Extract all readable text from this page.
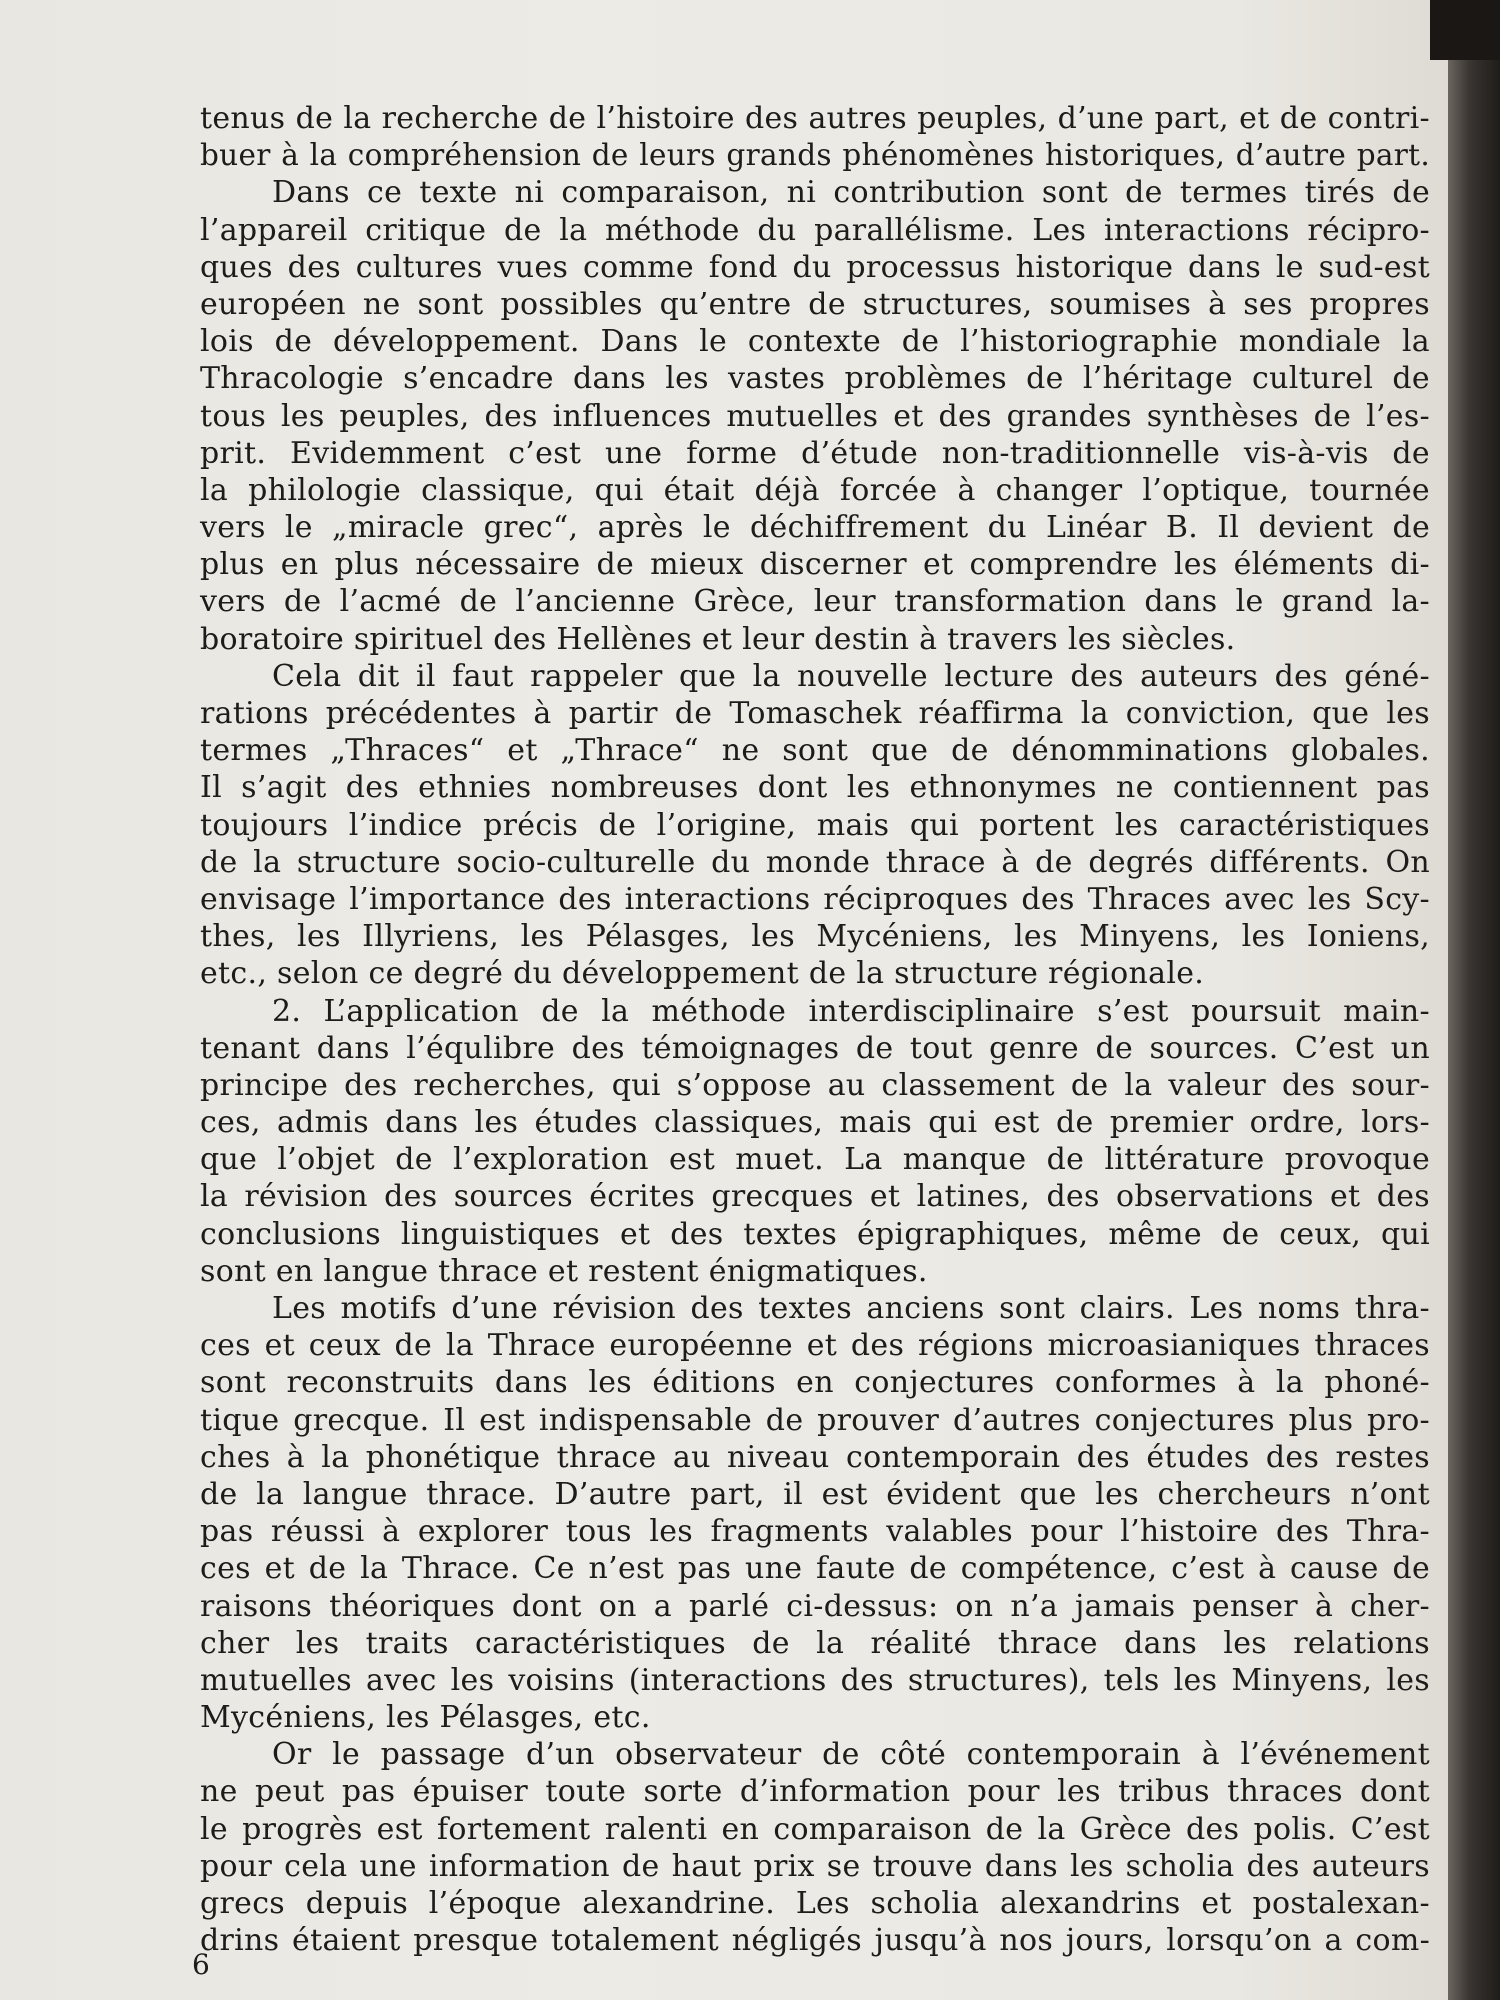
tenus de la recherche de l’histoire des autres peuples, d’une part, et de contri-
buer à la compréhension de leurs grands phénomènes historiques, d’autre part.
Dans ce texte ni comparaison, ni contribution sont de termes tirés de
l’appareil critique de la méthode du parallélisme. Les interactions récipro-
ques des cultures vues comme fond du processus historique dans le sud-est
européen ne sont possibles qu’entre de structures, soumises à ses propres
lois de développement. Dans le contexte de l’historiographie mondiale la
Thracologie s’encadre dans les vastes problèmes de l’héritage culturel de
tous les peuples, des influences mutuelles et des grandes synthèses de l’es-
prit. Evidemment c’est une forme d’étude non-traditionnelle vis-à-vis de
la philologie classique, qui était déjà forcée à changer l’optique, tournée
vers le „miracle grec“, après le déchiffrement du Linéar B. Il devient de
plus en plus nécessaire de mieux discerner et comprendre les éléments di-
vers de l’acmé de l’ancienne Grèce, leur transformation dans le grand la-
boratoire spirituel des Hellènes et leur destin à travers les siècles.
Cela dit il faut rappeler que la nouvelle lecture des auteurs des géné-
rations précédentes à partir de Tomaschek réaffirma la conviction, que les
termes „Thraces“ et „Thrace“ ne sont que de dénomminations globales.
Il s’agit des ethnies nombreuses dont les ethnonymes ne contiennent pas
toujours l’indice précis de l’origine, mais qui portent les caractéristiques
de la structure socio-culturelle du monde thrace à de degrés différents. On
envisage l’importance des interactions réciproques des Thraces avec les Scy-
thes, les Illyriens, les Pélasges, les Mycéniens, les Minyens, les Ioniens,
etc., selon ce degré du développement de la structure régionale.
2. L’application de la méthode interdisciplinaire s’est poursuit main-
tenant dans l’équlibre des témoignages de tout genre de sources. C’est un
principe des recherches, qui s’oppose au classement de la valeur des sour-
ces, admis dans les études classiques, mais qui est de premier ordre, lors-
que l’objet de l’exploration est muet. La manque de littérature provoque
la révision des sources écrites grecques et latines, des observations et des
conclusions linguistiques et des textes épigraphiques, même de ceux, qui
sont en langue thrace et restent énigmatiques.
Les motifs d’une révision des textes anciens sont clairs. Les noms thra-
ces et ceux de la Thrace européenne et des régions microasianiques thraces
sont reconstruits dans les éditions en conjectures conformes à la phoné-
tique grecque. Il est indispensable de prouver d’autres conjectures plus pro-
ches à la phonétique thrace au niveau contemporain des études des restes
de la langue thrace. D’autre part, il est évident que les chercheurs n’ont
pas réussi à explorer tous les fragments valables pour l’histoire des Thra-
ces et de la Thrace. Ce n’est pas une faute de compétence, c’est à cause de
raisons théoriques dont on a parlé ci-dessus: on n’a jamais penser à cher-
cher les traits caractéristiques de la réalité thrace dans les relations
mutuelles avec les voisins (interactions des structures), tels les Minyens, les
Mycéniens, les Pélasges, etc.
Or le passage d’un observateur de côté contemporain à l’événement
ne peut pas épuiser toute sorte d’information pour les tribus thraces dont
le progrès est fortement ralenti en comparaison de la Grèce des polis. C’est
pour cela une information de haut prix se trouve dans les scholia des auteurs
grecs depuis l’époque alexandrine. Les scholia alexandrins et postalexan-
drins étaient presque totalement négligés jusqu’à nos jours, lorsqu’on a com-
6
